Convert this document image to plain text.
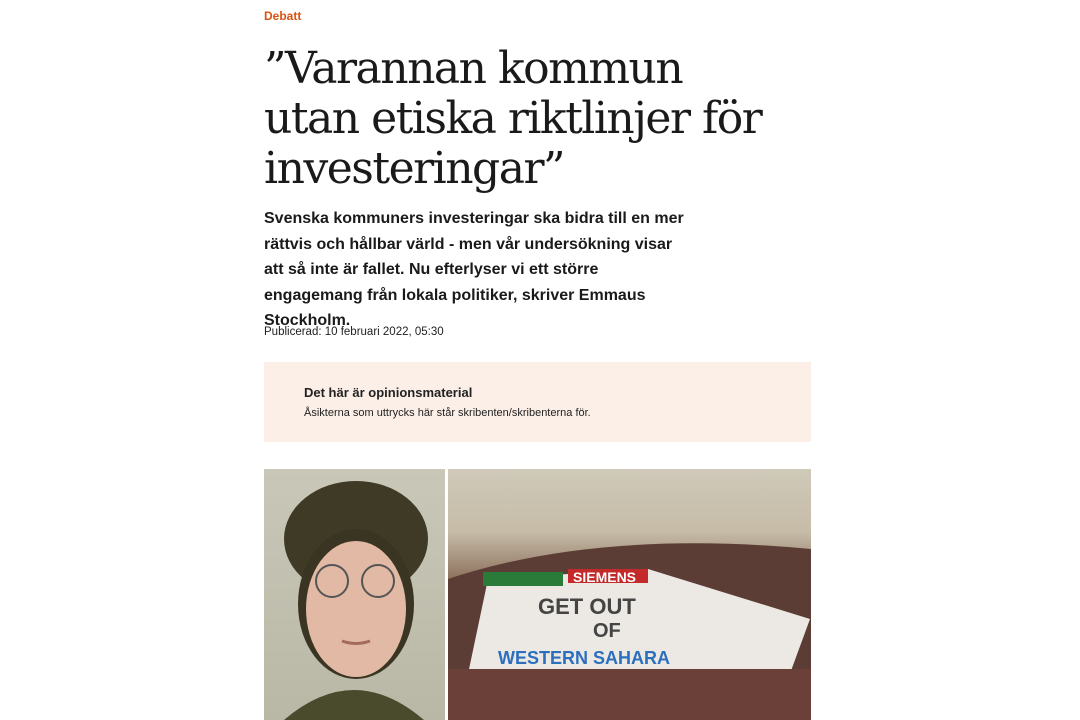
Debatt
”Varannan kommun utan etiska riktlinjer för investeringar”

Svenska kommuners investeringar ska bidra till en mer rättvis och hållbar värld - men vår undersökning visar att så inte är fallet. Nu efterlyser vi ett större engagemang från lokala politiker, skriver Emmaus Stockholm.

Publicerad: 10 februari 2022, 05:30
Det här är opinionsmaterial
Åsikterna som uttrycks här står skribenten/skribenterna för.
SIEMENS
GET OUT
OF
WESTERN SAHARA
